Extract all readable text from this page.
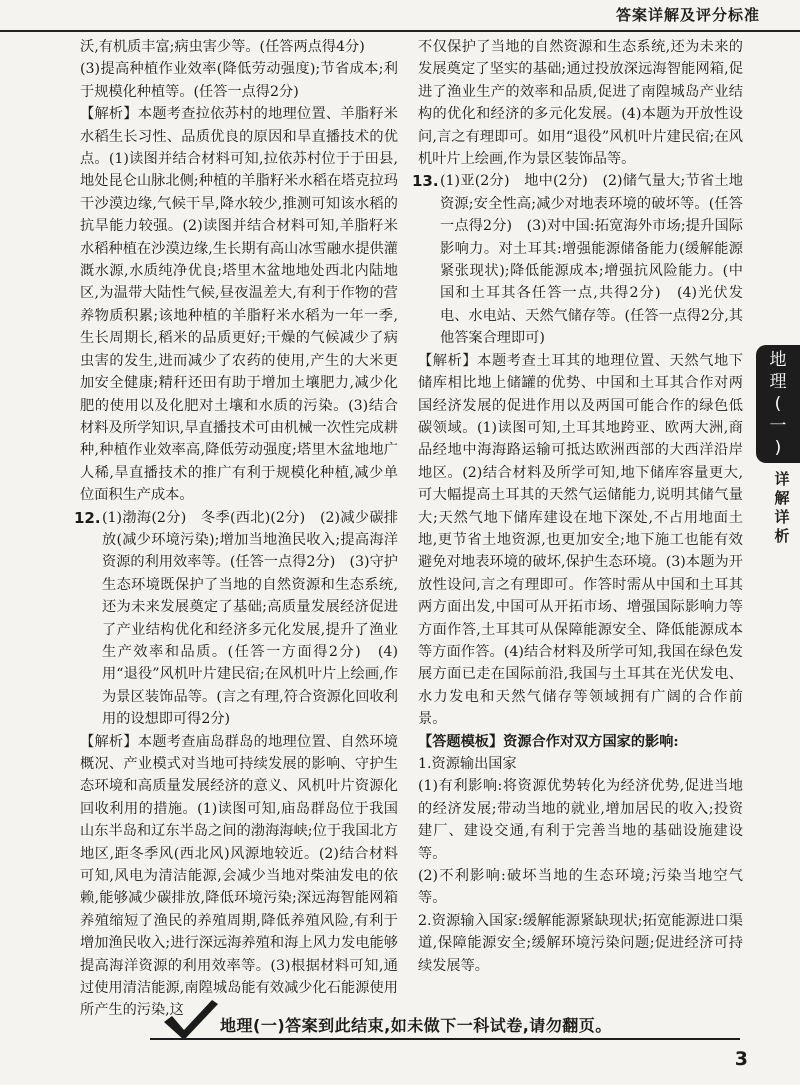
答案详解及评分标准

沃,有机质丰富;病虫害少等。(任答两点得4分)

(3)提高种植作业效率(降低劳动强度);节省成本;利于规模化种植等。(任答一点得2分)

【解析】本题考查拉依苏村的地理位置、羊脂籽米水稻生长习性、品质优良的原因和旱直播技术的优点。(1)读图并结合材料可知,拉依苏村位于于田县,地处昆仑山脉北侧;种植的羊脂籽米水稻在塔克拉玛干沙漠边缘,气候干旱,降水较少,推测可知该水稻的抗旱能力较强。(2)读图并结合材料可知,羊脂籽米水稻种植在沙漠边缘,生长期有高山冰雪融水提供灌溉水源,水质纯净优良;塔里木盆地地处西北内陆地区,为温带大陆性气候,昼夜温差大,有利于作物的营养物质积累;该地种植的羊脂籽米水稻为一年一季,生长周期长,稻米的品质更好;干燥的气候减少了病虫害的发生,进而减少了农药的使用,产生的大米更加安全健康;精秆还田有助于增加土壤肥力,减少化肥的使用以及化肥对土壤和水质的污染。(3)结合材料及所学知识,旱直播技术可由机械一次性完成耕种,种植作业效率高,降低劳动强度;塔里木盆地地广人稀,旱直播技术的推广有利于规模化种植,减少单位面积生产成本。

12. (1)渤海(2分)　冬季(西北)(2分)　(2)减少碳排放(减少环境污染);增加当地渔民收入;提高海洋资源的利用效率等。(任答一点得2分)　(3)守护生态环境既保护了当地的自然资源和生态系统,还为未来发展奠定了基础;高质量发展经济促进了产业结构优化和经济多元化发展,提升了渔业生产效率和品质。(任答一方面得2分)　(4)用“退役”风机叶片建民宿;在风机叶片上绘画,作为景区装饰品等。(言之有理,符合资源化回收利用的设想即可得2分)

【解析】本题考查庙岛群岛的地理位置、自然环境概况、产业模式对当地可持续发展的影响、守护生态环境和高质量发展经济的意义、风机叶片资源化回收利用的措施。(1)读图可知,庙岛群岛位于我国山东半岛和辽东半岛之间的渤海海峡;位于我国北方地区,距冬季风(西北风)风源地较近。(2)结合材料可知,风电为清洁能源,会减少当地对柴油发电的依赖,能够减少碳排放,降低环境污染;深远海智能网箱养殖缩短了渔民的养殖周期,降低养殖风险,有利于增加渔民收入;进行深远海养殖和海上风力发电能够提高海洋资源的利用效率等。(3)根据材料可知,通过使用清洁能源,南隍城岛能有效减少化石能源使用所产生的污染,这

不仅保护了当地的自然资源和生态系统,还为未来的发展奠定了坚实的基础;通过投放深远海智能网箱,促进了渔业生产的效率和品质,促进了南隍城岛产业结构的优化和经济的多元化发展。(4)本题为开放性设问,言之有理即可。如用“退役”风机叶片建民宿;在风机叶片上绘画,作为景区装饰品等。

13. (1)亚(2分)　地中(2分)　(2)储气量大;节省土地资源;安全性高;减少对地表环境的破坏等。(任答一点得2分)　(3)对中国:拓宽海外市场;提升国际影响力。对土耳其:增强能源储备能力(缓解能源紧张现状);降低能源成本;增强抗风险能力。(中国和土耳其各任答一点,共得2分)　(4)光伏发电、水电站、天然气储存等。(任答一点得2分,其他答案合理即可)

【解析】本题考查土耳其的地理位置、天然气地下储库相比地上储罐的优势、中国和土耳其合作对两国经济发展的促进作用以及两国可能合作的绿色低碳领域。(1)读图可知,土耳其地跨亚、欧两大洲,商品经地中海海路运输可抵达欧洲西部的大西洋沿岸地区。(2)结合材料及所学可知,地下储库容量更大,可大幅提高土耳其的天然气运储能力,说明其储气量大;天然气地下储库建设在地下深处,不占用地面土地,更节省土地资源,也更加安全;地下施工也能有效避免对地表环境的破坏,保护生态环境。(3)本题为开放性设问,言之有理即可。作答时需从中国和土耳其两方面出发,中国可从开拓市场、增强国际影响力等方面作答,土耳其可从保障能源安全、降低能源成本等方面作答。(4)结合材料及所学可知,我国在绿色发展方面已走在国际前沿,我国与土耳其在光伏发电、水力发电和天然气储存等领域拥有广阔的合作前景。

【答题模板】资源合作对双方国家的影响:

1.资源输出国家

(1)有利影响:将资源优势转化为经济优势,促进当地的经济发展;带动当地的就业,增加居民的收入;投资建厂、建设交通,有利于完善当地的基础设施建设等。

(2)不利影响:破坏当地的生态环境;污染当地空气等。

2.资源输入国家:缓解能源紧缺现状;拓宽能源进口渠道,保障能源安全;缓解环境污染问题;促进经济可持续发展等。

地
理
(
一
)
详解详析
地理(一)答案到此结束,如未做下一科试卷,请勿翻页。
3
